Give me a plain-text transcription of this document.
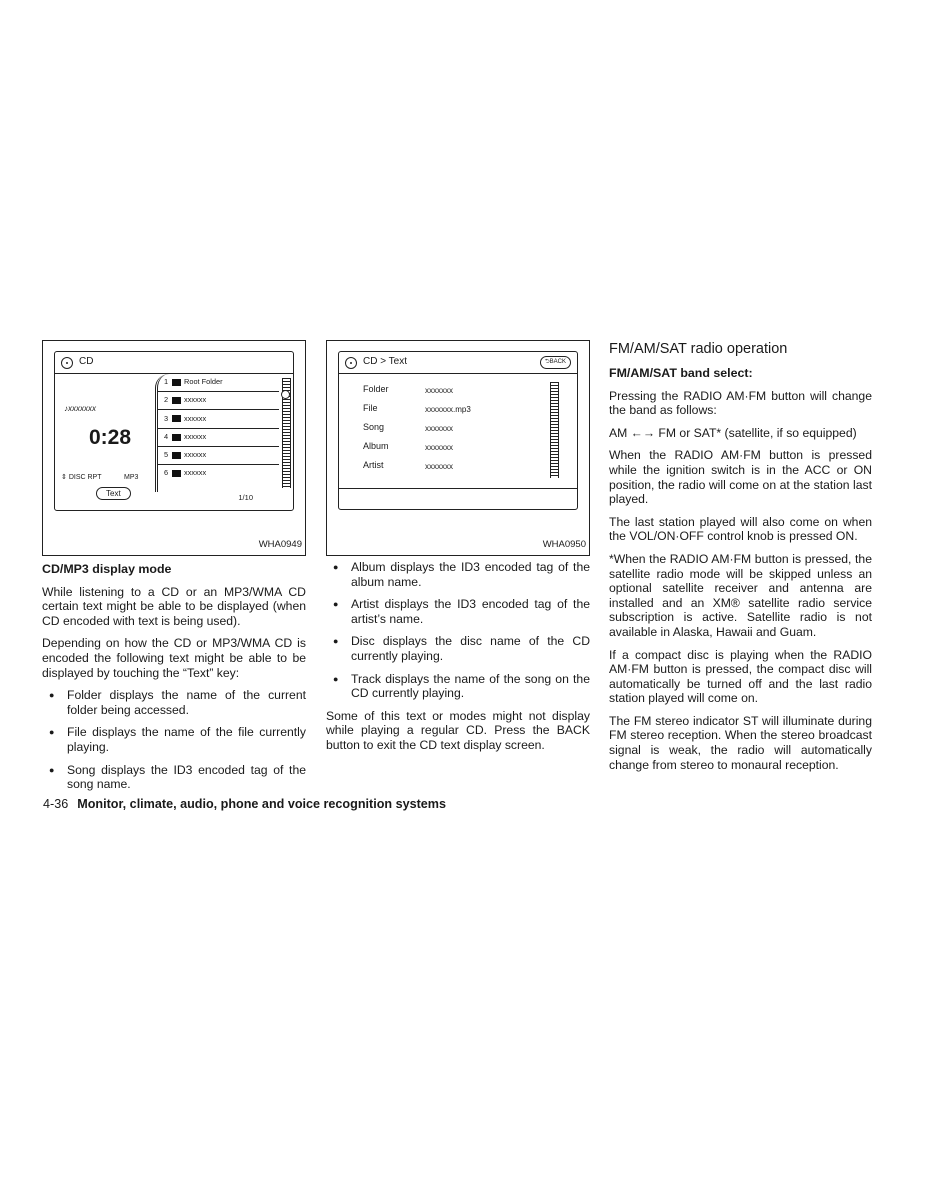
CD
♪xxxxxxx
0:28
⇕ DISC RPT	MP3
Text
1	Root Folder
2	xxxxxx
3	xxxxxx
4	xxxxxx
5	xxxxxx
6	xxxxxx
1/10
WHA0949

CD/MP3 display mode

While listening to a CD or an MP3/WMA CD certain text might be able to be displayed (when CD encoded with text is being used).

Depending on how the CD or MP3/WMA CD is encoded the following text might be able to be displayed by touching the “Text” key:

● Folder displays the name of the current folder being accessed.
● File displays the name of the file currently playing.
● Song displays the ID3 encoded tag of the song name.
CD > Text	⮌BACK
Folder	xxxxxxx
File	xxxxxxx.mp3
Song	xxxxxxx
Album	xxxxxxx
Artist	xxxxxxx
WHA0950
● Album displays the ID3 encoded tag of the album name.
● Artist displays the ID3 encoded tag of the artist’s name.
● Disc displays the disc name of the CD currently playing.
● Track displays the name of the song on the CD currently playing.

Some of this text or modes might not display while playing a regular CD. Press the BACK button to exit the CD text display screen.

FM/AM/SAT radio operation

FM/AM/SAT band select:

Pressing the RADIO AM·FM button will change the band as follows:

AM ←→ FM or SAT* (satellite, if so equipped)

When the RADIO AM·FM button is pressed while the ignition switch is in the ACC or ON position, the radio will come on at the station last played.

The last station played will also come on when the VOL/ON·OFF control knob is pressed ON.

*When the RADIO AM·FM button is pressed, the satellite radio mode will be skipped unless an optional satellite receiver and antenna are installed and an XM® satellite radio service subscription is active. Satellite radio is not available in Alaska, Hawaii and Guam.

If a compact disc is playing when the RADIO AM·FM button is pressed, the compact disc will automatically be turned off and the last radio station played will come on.

The FM stereo indicator ST will illuminate during FM stereo reception. When the stereo broadcast signal is weak, the radio will automatically change from stereo to monaural reception.

4-36 Monitor, climate, audio, phone and voice recognition systems
